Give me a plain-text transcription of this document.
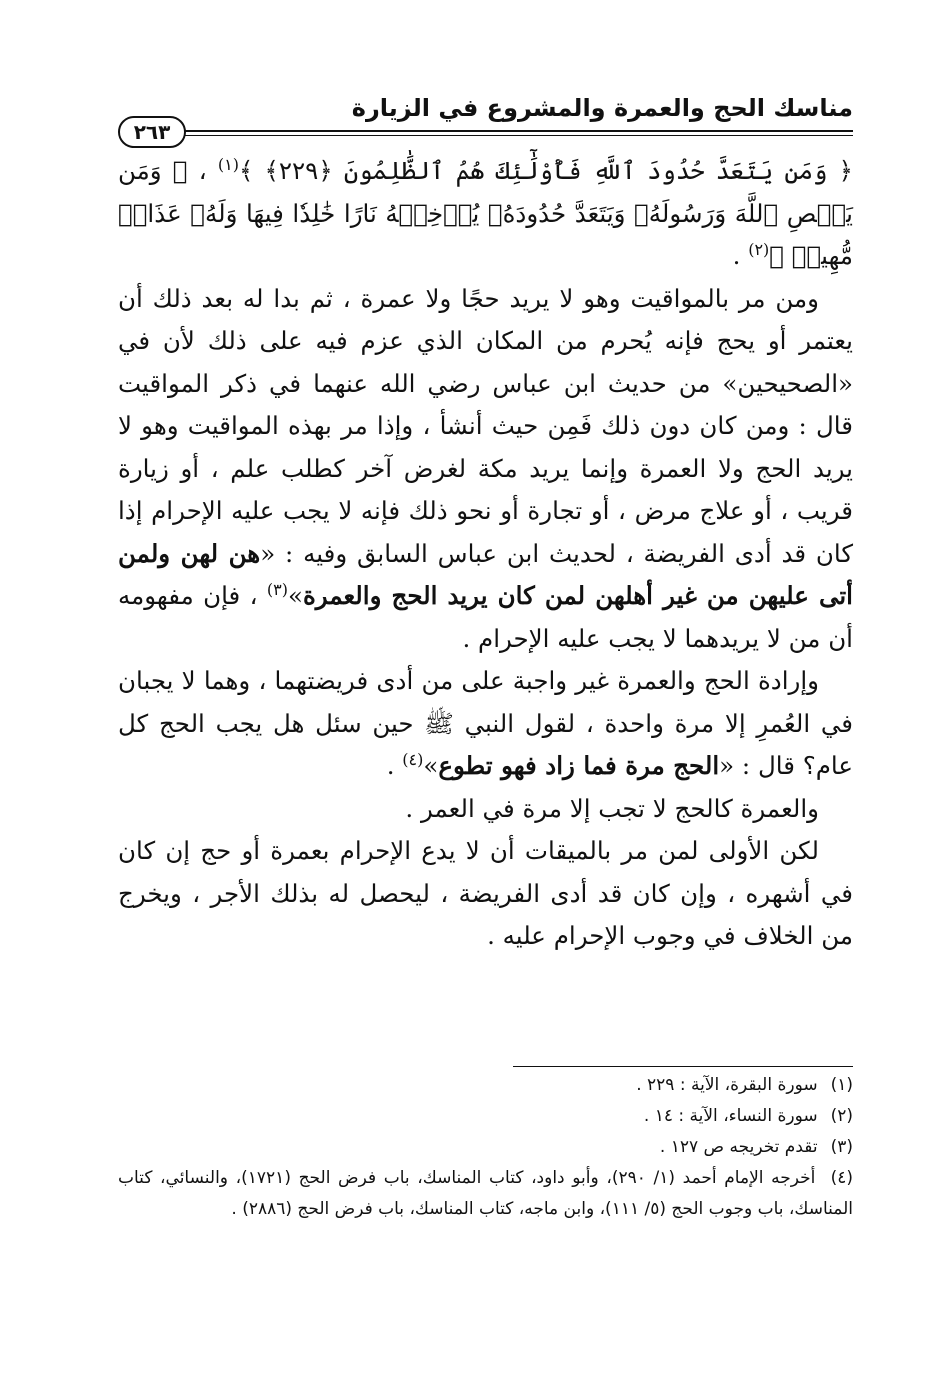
مناسك الحج والعمرة والمشروع في الزيارة
٢٦٣

﴿ وَمَن يَتَعَدَّ حُدُودَ ٱللَّهِ فَأُوْلَٰٓئِكَ هُمُ ٱلظَّٰلِمُونَ ﴿٢٢٩﴾ ﴾$^{(١)}$ ، ﴿ وَمَن يَعۡصِ ٱللَّهَ وَرَسُولَهُۥ وَيَتَعَدَّ حُدُودَهُۥ يُدۡخِلۡهُ نَارًا خَٰلِدٗا فِيهَا وَلَهُۥ عَذَابٞ مُّهِينٞ ﴾$^{(٢)}$ .

ومن مر بالمواقيت وهو لا يريد حجًا ولا عمرة ، ثم بدا له بعد ذلك أن يعتمر أو يحج فإنه يُحرم من المكان الذي عزم فيه على ذلك لأن في «الصحيحين» من حديث ابن عباس رضي الله عنهما في ذكر المواقيت قال : ومن كان دون ذلك فَمِن حيث أنشأ ، وإذا مر بهذه المواقيت وهو لا يريد الحج ولا العمرة وإنما يريد مكة لغرض آخر كطلب علم ، أو زيارة قريب ، أو علاج مرض ، أو تجارة أو نحو ذلك فإنه لا يجب عليه الإحرام إذا كان قد أدى الفريضة ، لحديث ابن عباس السابق وفيه : «هن لهن ولمن أتى عليهن من غير أهلهن لمن كان يريد الحج والعمرة»$^{(٣)}$ ، فإن مفهومه أن من لا يريدهما لا يجب عليه الإحرام .

وإرادة الحج والعمرة غير واجبة على من أدى فريضتهما ، وهما لا يجبان في العُمرِ إلا مرة واحدة ، لقول النبي ﷺ حين سئل هل يجب الحج كل عام؟ قال : «الحج مرة فما زاد فهو تطوع»$^{(٤)}$ .

والعمرة كالحج لا تجب إلا مرة في العمر .

لكن الأولى لمن مر بالميقات أن لا يدع الإحرام بعمرة أو حج إن كان في أشهره ، وإن كان قد أدى الفريضة ، ليحصل له بذلك الأجر ، ويخرج من الخلاف في وجوب الإحرام عليه .

(١) سورة البقرة، الآية : ٢٢٩ .

(٢) سورة النساء، الآية : ١٤ .

(٣) تقدم تخريجه ص ١٢٧ .

(٤) أخرجه الإمام أحمد (١/ ٢٩٠)، وأبو داود، كتاب المناسك، باب فرض الحج (١٧٢١)، والنسائي، كتاب المناسك، باب وجوب الحج (٥/ ١١١)، وابن ماجه، كتاب المناسك، باب فرض الحج (٢٨٨٦) .
